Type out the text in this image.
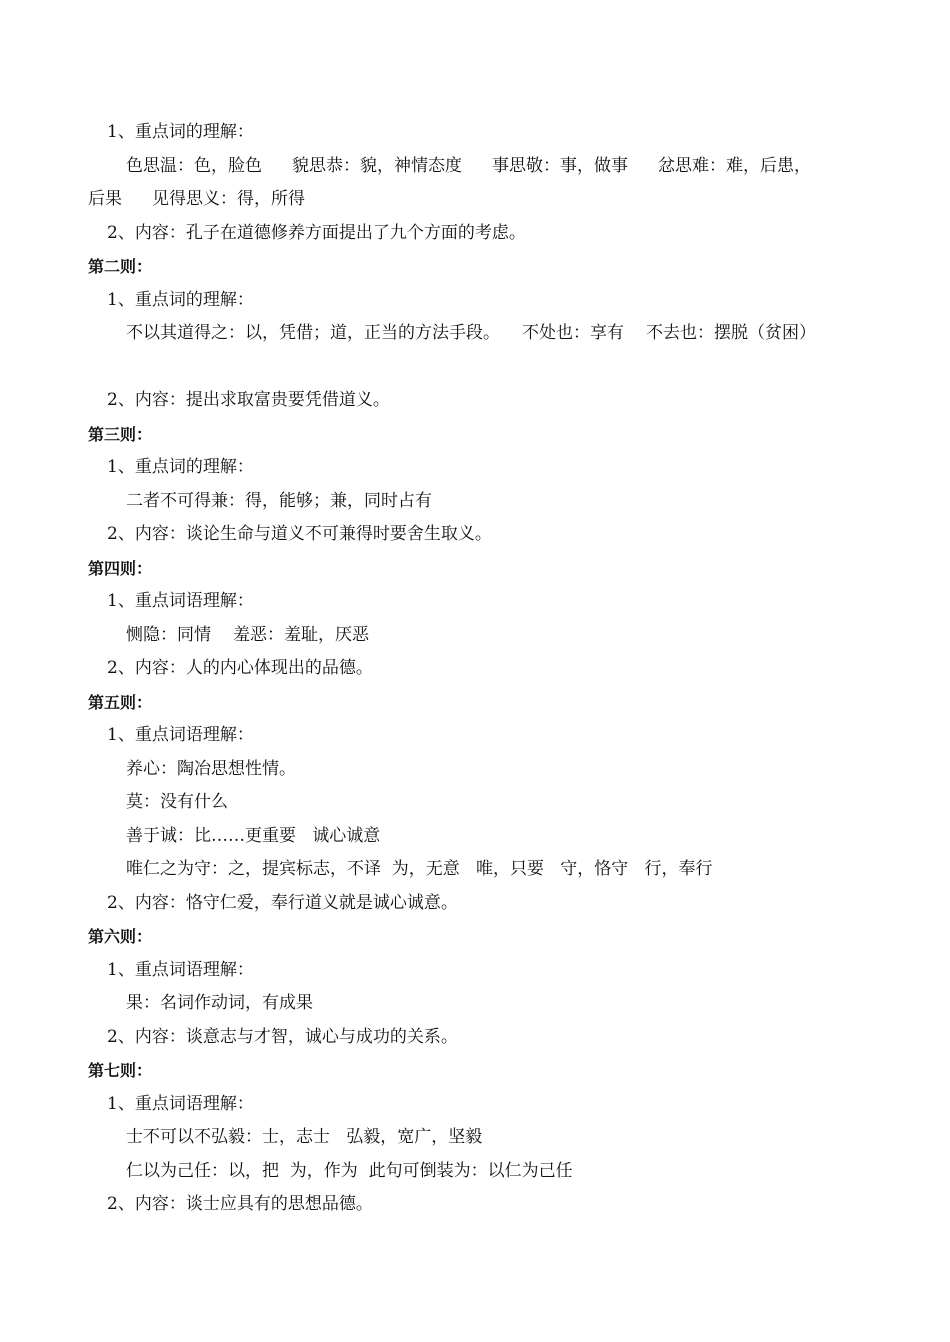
1、重点词的理解：
色思温：色，脸色 貌思恭：貌，神情态度 事思敬：事，做事 忿思难：难，后患，
后果 见得思义：得，所得
2、内容：孔子在道德修养方面提出了九个方面的考虑。
第二则：
1、重点词的理解：
不以其道得之：以，凭借；道，正当的方法手段。 不处也：享有 不去也：摆脱（贫困）
2、内容：提出求取富贵要凭借道义。
第三则：
1、重点词的理解：
二者不可得兼：得，能够；兼，同时占有
2、内容：谈论生命与道义不可兼得时要舍生取义。
第四则：
1、重点词语理解：
恻隐：同情 羞恶：羞耻，厌恶
2、内容：人的内心体现出的品德。
第五则：
1、重点词语理解：
养心：陶冶思想性情。
莫：没有什么
善于诚：比……更重要   诚心诚意
唯仁之为守：之，提宾标志，不译  为，无意   唯，只要   守，恪守   行，奉行
2、内容：恪守仁爱，奉行道义就是诚心诚意。
第六则：
1、重点词语理解：
果：名词作动词，有成果
2、内容：谈意志与才智，诚心与成功的关系。
第七则：
1、重点词语理解：
士不可以不弘毅：士，志士   弘毅，宽广，坚毅
仁以为己任：以，把  为，作为  此句可倒装为：以仁为己任
2、内容：谈士应具有的思想品德。
